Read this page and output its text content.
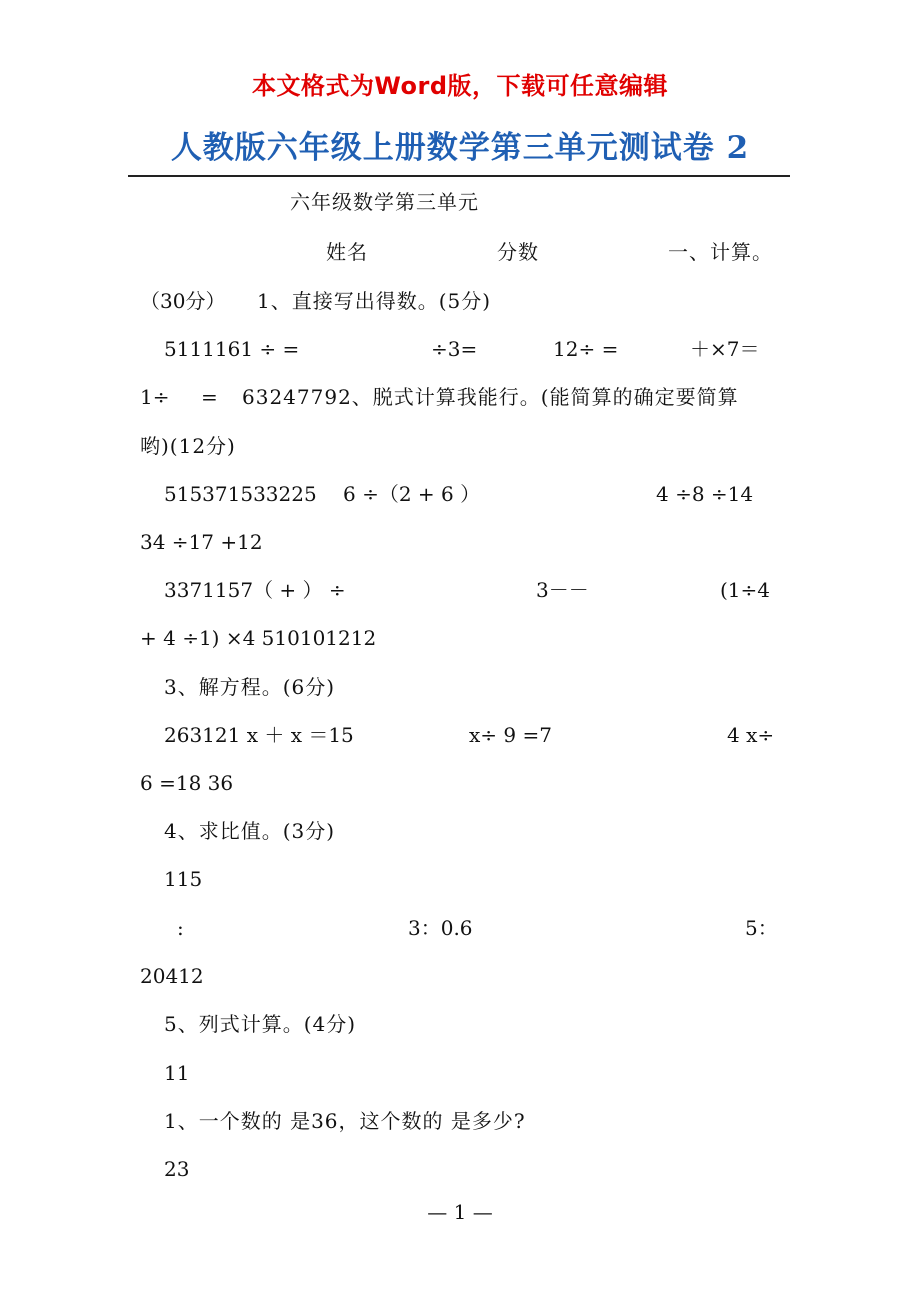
本文格式为Word版，下载可任意编辑
人教版六年级上册数学第三单元测试卷 2
六年级数学第三单元
姓名	分数	一、计算。
（30分） 1、直接写出得数。(5分)
5111161 ÷ =	÷3=	12÷ =	＋×7＝
1÷ = 63247792、脱式计算我能行。(能简算的确定要简算
哟)(12分)
515371533225 6 ÷（2 + 6 ）	4 ÷8 ÷14
34 ÷17 +12
3371157（ + ） ÷	3－－	(1÷4
+ 4 ÷1) ×4 510101212
3、解方程。(6分)
263121 x ＋ x ＝15	x÷ 9 =7	4 x÷
6 =18 36
4、求比值。(3分)
115
:	3：0.6	5：
20412
5、列式计算。(4分)
11
1、一个数的 是36，这个数的 是多少?
23
— 1 —
